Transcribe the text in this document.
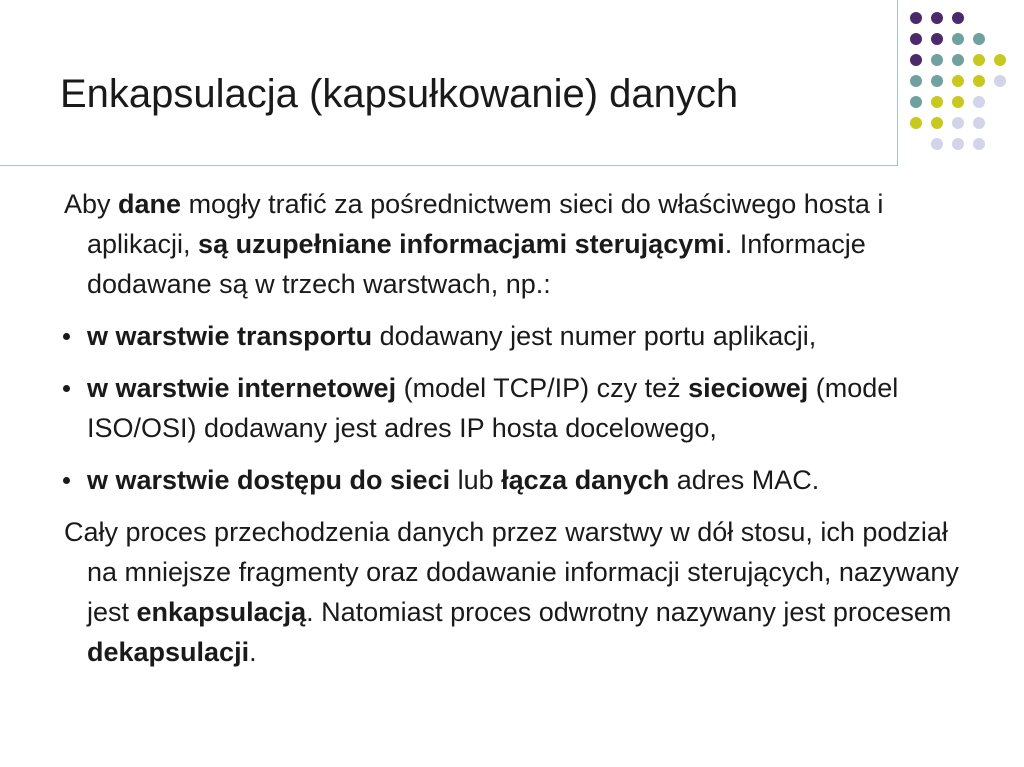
Enkapsulacja (kapsułkowanie) danych

Aby dane mogły trafić za pośrednictwem sieci do właściwego hosta i aplikacji, są uzupełniane informacjami sterującymi. Informacje dodawane są w trzech warstwach, np.:

w warstwie transportu dodawany jest numer portu aplikacji,

w warstwie internetowej (model TCP/IP) czy też sieciowej (model ISO/OSI) dodawany jest adres IP hosta docelowego,

w warstwie dostępu do sieci lub łącza danych adres MAC.

Cały proces przechodzenia danych przez warstwy w dół stosu, ich podział na mniejsze fragmenty oraz dodawanie informacji sterujących, nazywany jest enkapsulacją. Natomiast proces odwrotny nazywany jest procesem dekapsulacji.
